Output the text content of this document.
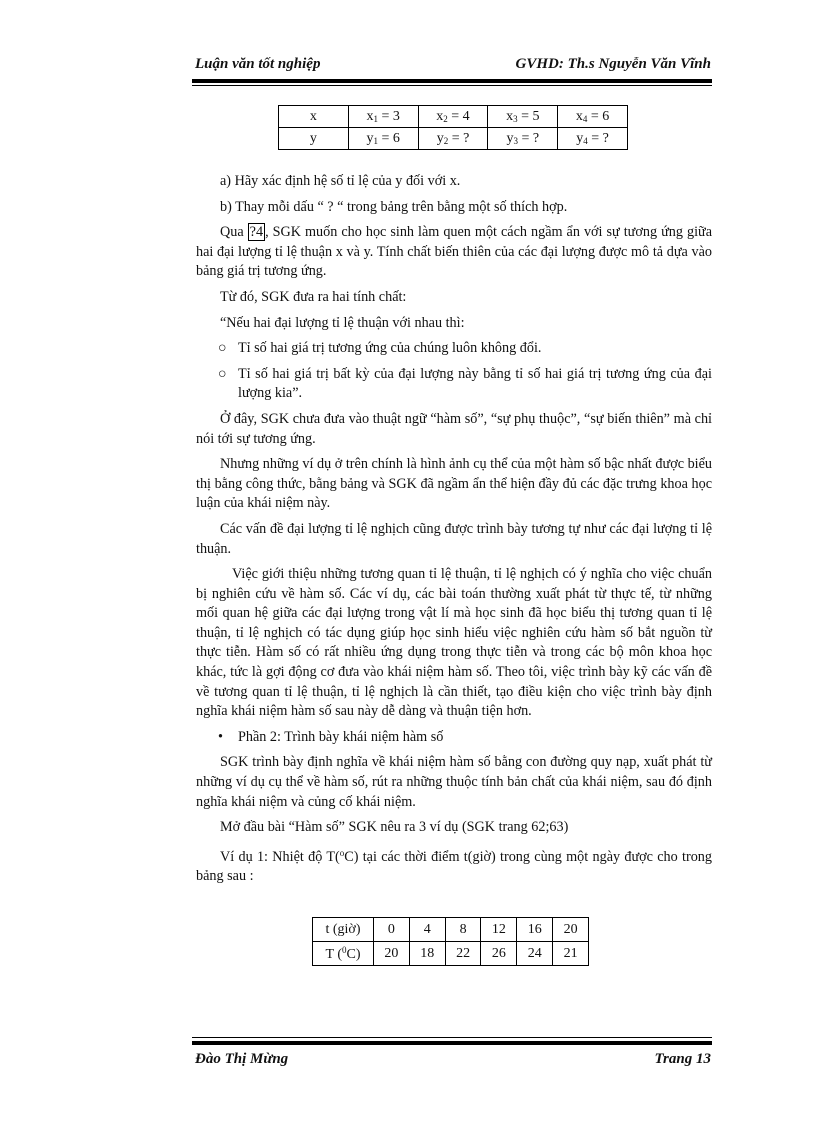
Luận văn tốt nghiệp	GVHD: Th.s Nguyễn Văn Vĩnh
x	$x_1 = 3$	$x_2 = 4$	$x_3 = 5$	$x_4 = 6$
y	$y_1 = 6$	$y_2$ = ?	$y_3$ = ?	$y_4$ = ?

a) Hãy xác định hệ số tỉ lệ của y đối với x.

b) Thay mỗi dấu “ ? “ trong bảng trên bằng một số thích hợp.

Qua ?4 , SGK muốn cho học sinh làm quen một cách ngầm ẩn với sự tương ứng giữa hai đại lượng tỉ lệ thuận x và y. Tính chất biến thiên của các đại lượng được mô tả dựa vào bảng giá trị tương ứng.

Từ đó, SGK đưa ra hai tính chất:

“Nếu hai đại lượng tỉ lệ thuận với nhau thì:

○ Tỉ số hai giá trị tương ứng của chúng luôn không đổi.

○ Tỉ số hai giá trị bất kỳ của đại lượng này bằng tỉ số hai giá trị tương ứng của đại lượng kia”.

Ở đây, SGK chưa đưa vào thuật ngữ “hàm số”, “sự phụ thuộc”, “sự biến thiên” mà chỉ nói tới sự tương ứng.

Nhưng những ví dụ ở trên chính là hình ảnh cụ thể của một hàm số bậc nhất được biểu thị bằng công thức, bằng bảng và SGK đã ngầm ẩn thể hiện đầy đủ các đặc trưng khoa học luận của khái niệm này.

Các vấn đề đại lượng tỉ lệ nghịch cũng được trình bày tương tự như các đại lượng tỉ lệ thuận.

Việc giới thiệu những tương quan tỉ lệ thuận, tỉ lệ nghịch có ý nghĩa cho việc chuẩn bị nghiên cứu về hàm số. Các ví dụ, các bài toán thường xuất phát từ thực tế, từ những mối quan hệ giữa các đại lượng trong vật lí mà học sinh đã học biểu thị tương quan tỉ lệ thuận, tỉ lệ nghịch có tác dụng giúp học sinh hiểu việc nghiên cứu hàm số bắt nguồn từ thực tiễn. Hàm số có rất nhiều ứng dụng trong thực tiễn và trong các bộ môn khoa học khác, tức là gợi động cơ đưa vào khái niệm hàm số. Theo tôi, việc trình bày kỹ các vấn đề về tương quan tỉ lệ thuận, tỉ lệ nghịch là cần thiết, tạo điều kiện cho việc trình bày định nghĩa khái niệm hàm số sau này dễ dàng và thuận tiện hơn.

• Phần 2: Trình bày khái niệm hàm số

SGK trình bày định nghĩa về khái niệm hàm số bằng con đường quy nạp, xuất phát từ những ví dụ cụ thể về hàm số, rút ra những thuộc tính bản chất của khái niệm, sau đó định nghĩa khái niệm và củng cố khái niệm.

Mở đầu bài “Hàm số” SGK nêu ra 3 ví dụ (SGK trang 62;63)

Ví dụ 1: Nhiệt độ T($^o$C) tại các thời điểm t(giờ) trong cùng một ngày được cho trong bảng sau :

t (giờ)	0	4	8	12	16	20
T ($^0$C)	20	18	22	26	24	21
Đào Thị Mừng	Trang 13
